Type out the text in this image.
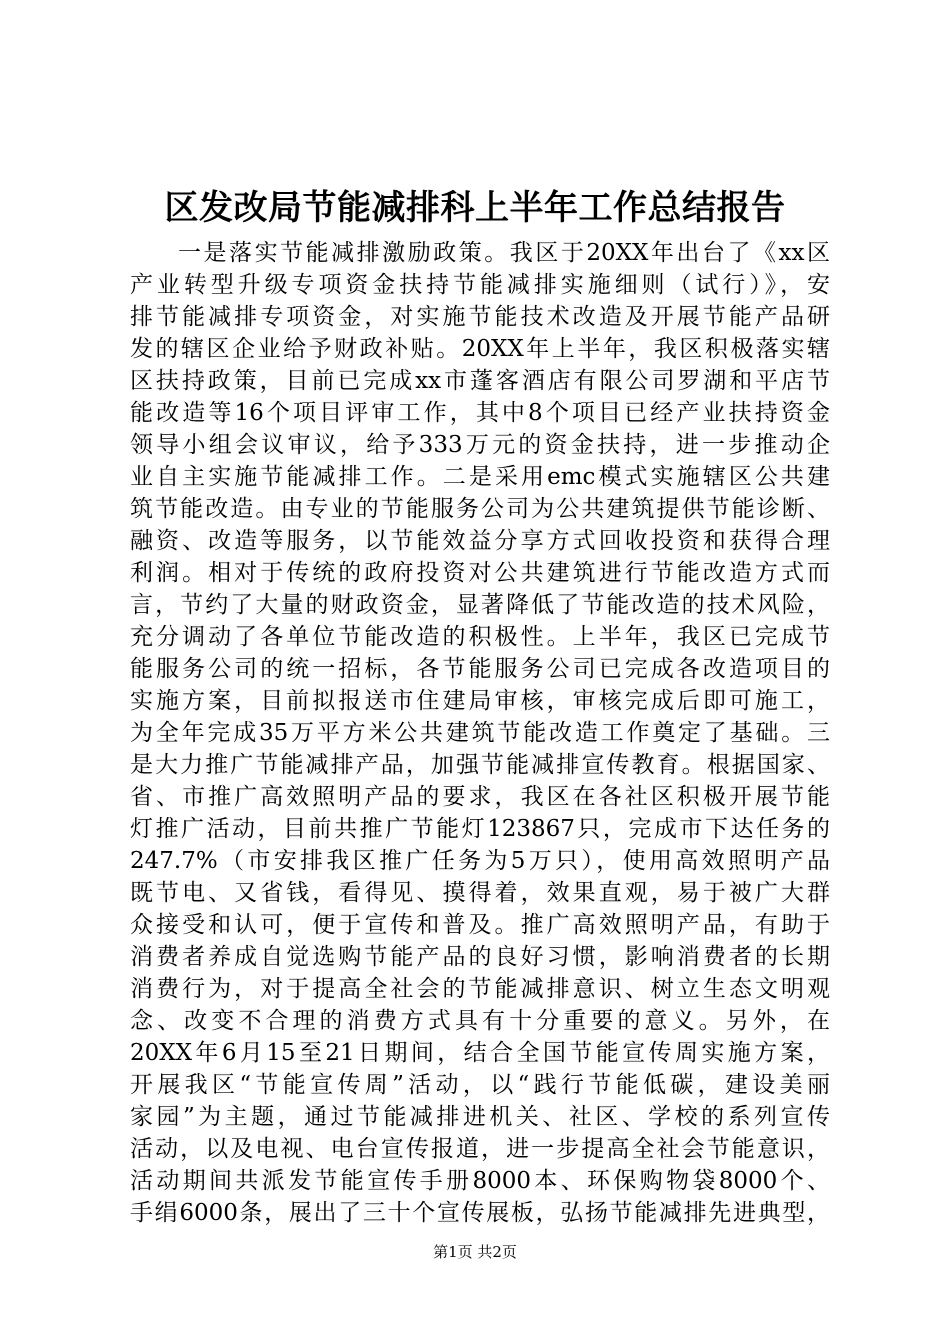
区发改局节能减排科上半年工作总结报告
一是落实节能减排激励政策。我区于20XX年出台了《xx区
产业转型升级专项资金扶持节能减排实施细则（试行）》，安
排节能减排专项资金，对实施节能技术改造及开展节能产品研
发的辖区企业给予财政补贴。20XX年上半年，我区积极落实辖
区扶持政策，目前已完成xx市蓬客酒店有限公司罗湖和平店节
能改造等16个项目评审工作，其中8个项目已经产业扶持资金
领导小组会议审议，给予333万元的资金扶持，进一步推动企
业自主实施节能减排工作。二是采用emc模式实施辖区公共建
筑节能改造。由专业的节能服务公司为公共建筑提供节能诊断、
融资、改造等服务，以节能效益分享方式回收投资和获得合理
利润。相对于传统的政府投资对公共建筑进行节能改造方式而
言，节约了大量的财政资金，显著降低了节能改造的技术风险，
充分调动了各单位节能改造的积极性。上半年，我区已完成节
能服务公司的统一招标，各节能服务公司已完成各改造项目的
实施方案，目前拟报送市住建局审核，审核完成后即可施工，
为全年完成35万平方米公共建筑节能改造工作奠定了基础。三
是大力推广节能减排产品，加强节能减排宣传教育。根据国家、
省、市推广高效照明产品的要求，我区在各社区积极开展节能
灯推广活动，目前共推广节能灯123867只，完成市下达任务的
247.7%（市安排我区推广任务为5万只），使用高效照明产品
既节电、又省钱，看得见、摸得着，效果直观，易于被广大群
众接受和认可，便于宣传和普及。推广高效照明产品，有助于
消费者养成自觉选购节能产品的良好习惯，影响消费者的长期
消费行为，对于提高全社会的节能减排意识、树立生态文明观
念、改变不合理的消费方式具有十分重要的意义。另外，在
20XX年6月15至21日期间，结合全国节能宣传周实施方案，
开展我区“节能宣传周”活动，以“践行节能低碳，建设美丽
家园”为主题，通过节能减排进机关、社区、学校的系列宣传
活动，以及电视、电台宣传报道，进一步提高全社会节能意识，
活动期间共派发节能宣传手册8000本、环保购物袋8000个、
手绢6000条，展出了三十个宣传展板，弘扬节能减排先进典型，
第1页 共2页
